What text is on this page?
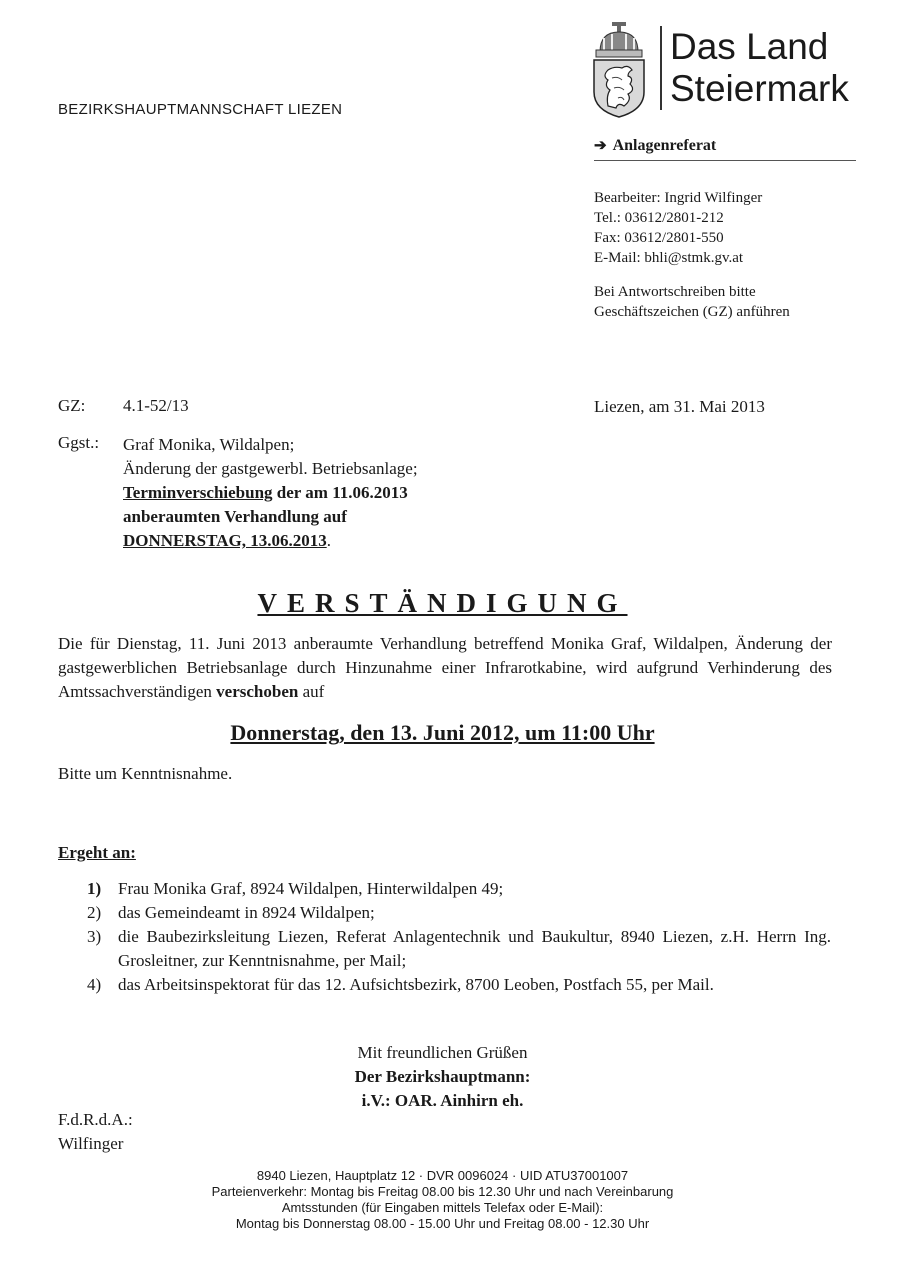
BEZIRKSHAUPTMANNSCHAFT LIEZEN
Das Land
Steiermark
➔ Anlagenreferat
Bearbeiter: Ingrid Wilfinger
Tel.: 03612/2801-212
Fax: 03612/2801-550
E-Mail: bhli@stmk.gv.at
Bei Antwortschreiben bitte
Geschäftszeichen (GZ) anführen
GZ: 4.1-52/13	Liezen, am 31. Mai 2013
Ggst.: Graf Monika, Wildalpen;
Änderung der gastgewerbl. Betriebsanlage;
Terminverschiebung der am 11.06.2013
anberaumten Verhandlung auf
DONNERSTAG, 13.06.2013.
VERSTÄNDIGUNG
Die für Dienstag, 11. Juni 2013 anberaumte Verhandlung betreffend Monika Graf, Wildalpen, Änderung der gastgewerblichen Betriebsanlage durch Hinzunahme einer Infrarotkabine, wird aufgrund Verhinderung des Amtssachverständigen verschoben auf
Donnerstag, den 13. Juni 2012, um 11:00 Uhr
Bitte um Kenntnisnahme.
Ergeht an:
1) Frau Monika Graf, 8924 Wildalpen, Hinterwildalpen 49;
2) das Gemeindeamt in 8924 Wildalpen;
3) die Baubezirksleitung Liezen, Referat Anlagentechnik und Baukultur, 8940 Liezen, z.H. Herrn Ing. Grosleitner, zur Kenntnisnahme, per Mail;
4) das Arbeitsinspektorat für das 12. Aufsichtsbezirk, 8700 Leoben, Postfach 55, per Mail.
Mit freundlichen Grüßen
Der Bezirkshauptmann:
i.V.: OAR. Ainhirn eh.
F.d.R.d.A.:
Wilfinger
8940 Liezen, Hauptplatz 12 · DVR 0096024 · UID ATU37001007
Parteienverkehr: Montag bis Freitag 08.00 bis 12.30 Uhr und nach Vereinbarung
Amtsstunden (für Eingaben mittels Telefax oder E-Mail):
Montag bis Donnerstag 08.00 - 15.00 Uhr und Freitag 08.00 - 12.30 Uhr
